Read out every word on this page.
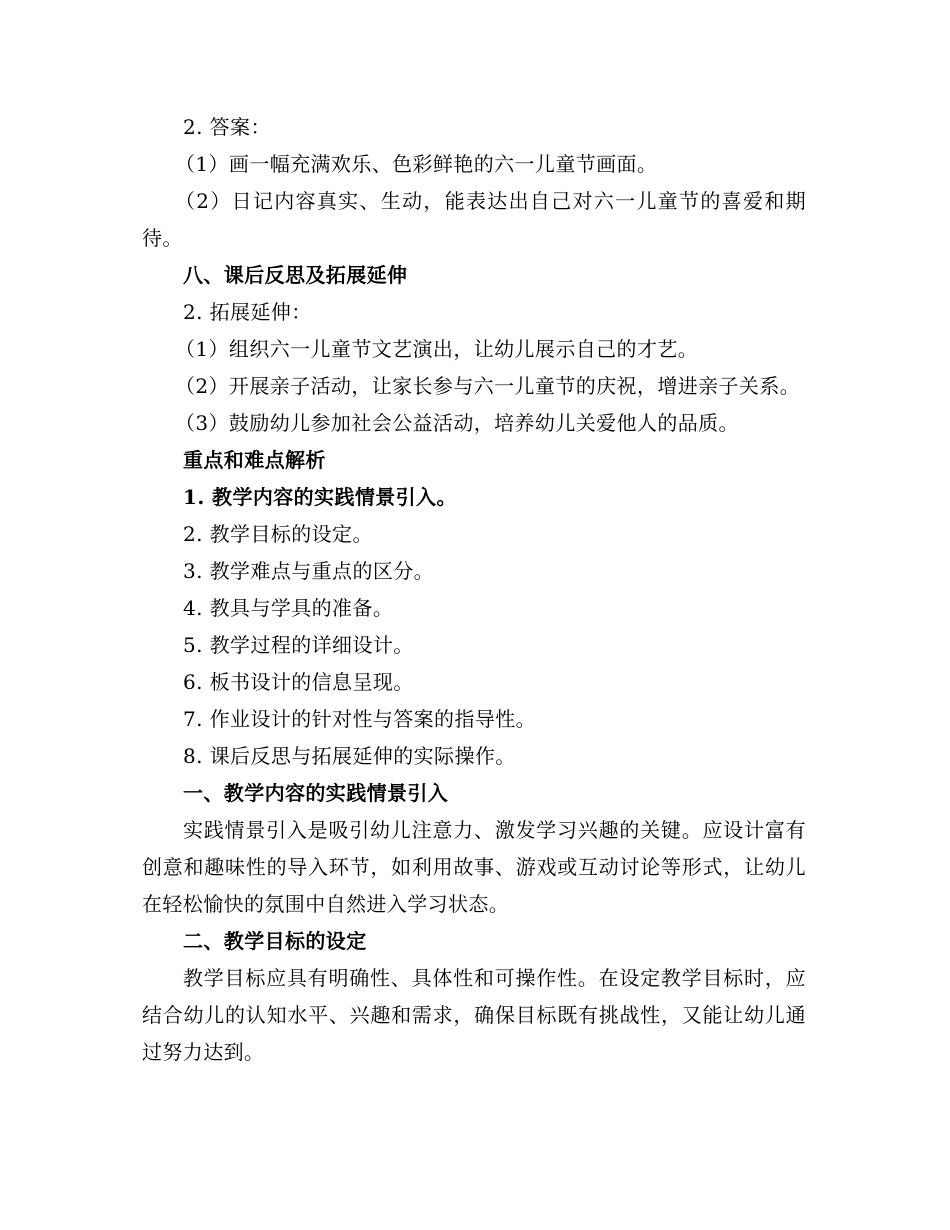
2. 答案：
（1）画一幅充满欢乐、色彩鲜艳的六一儿童节画面。
（2）日记内容真实、生动，能表达出自己对六一儿童节的喜爱和期待。
八、课后反思及拓展延伸
2. 拓展延伸：
（1）组织六一儿童节文艺演出，让幼儿展示自己的才艺。
（2）开展亲子活动，让家长参与六一儿童节的庆祝，增进亲子关系。
（3）鼓励幼儿参加社会公益活动，培养幼儿关爱他人的品质。
重点和难点解析
1. 教学内容的实践情景引入。
2. 教学目标的设定。
3. 教学难点与重点的区分。
4. 教具与学具的准备。
5. 教学过程的详细设计。
6. 板书设计的信息呈现。
7. 作业设计的针对性与答案的指导性。
8. 课后反思与拓展延伸的实际操作。
一、教学内容的实践情景引入
实践情景引入是吸引幼儿注意力、激发学习兴趣的关键。应设计富有创意和趣味性的导入环节，如利用故事、游戏或互动讨论等形式，让幼儿在轻松愉快的氛围中自然进入学习状态。
二、教学目标的设定
教学目标应具有明确性、具体性和可操作性。在设定教学目标时，应结合幼儿的认知水平、兴趣和需求，确保目标既有挑战性，又能让幼儿通过努力达到。
